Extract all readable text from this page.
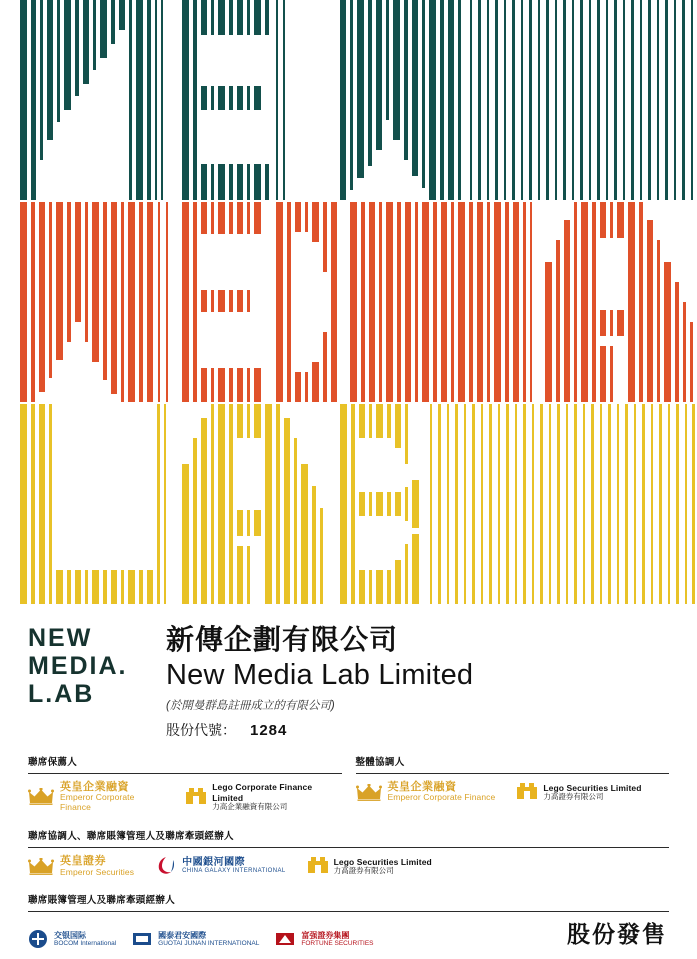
NEW
MEDIA.
L.AB
新傳企劃有限公司
New Media Lab Limited
(於開曼群島註冊成立的有限公司)
股份代號： 1284
聯席保薦人
英皇企業融資
Emperor Corporate Finance
Lego Corporate Finance Limited
力高企業融資有限公司
整體協調人
英皇企業融資
Emperor Corporate Finance
Lego Securities Limited
力高證券有限公司
聯席協調人、聯席賬簿管理人及聯席牽頭經辦人
英皇證券
Emperor Securities
中國銀河國際
CHINA GALAXY INTERNATIONAL
Lego Securities Limited
力高證券有限公司
聯席賬簿管理人及聯席牽頭經辦人
交银国际
BOCOM International
國泰君安國際
GUOTAI JUNAN INTERNATIONAL
富强證券集團
FORTUNE SECURITIES	股份發售
